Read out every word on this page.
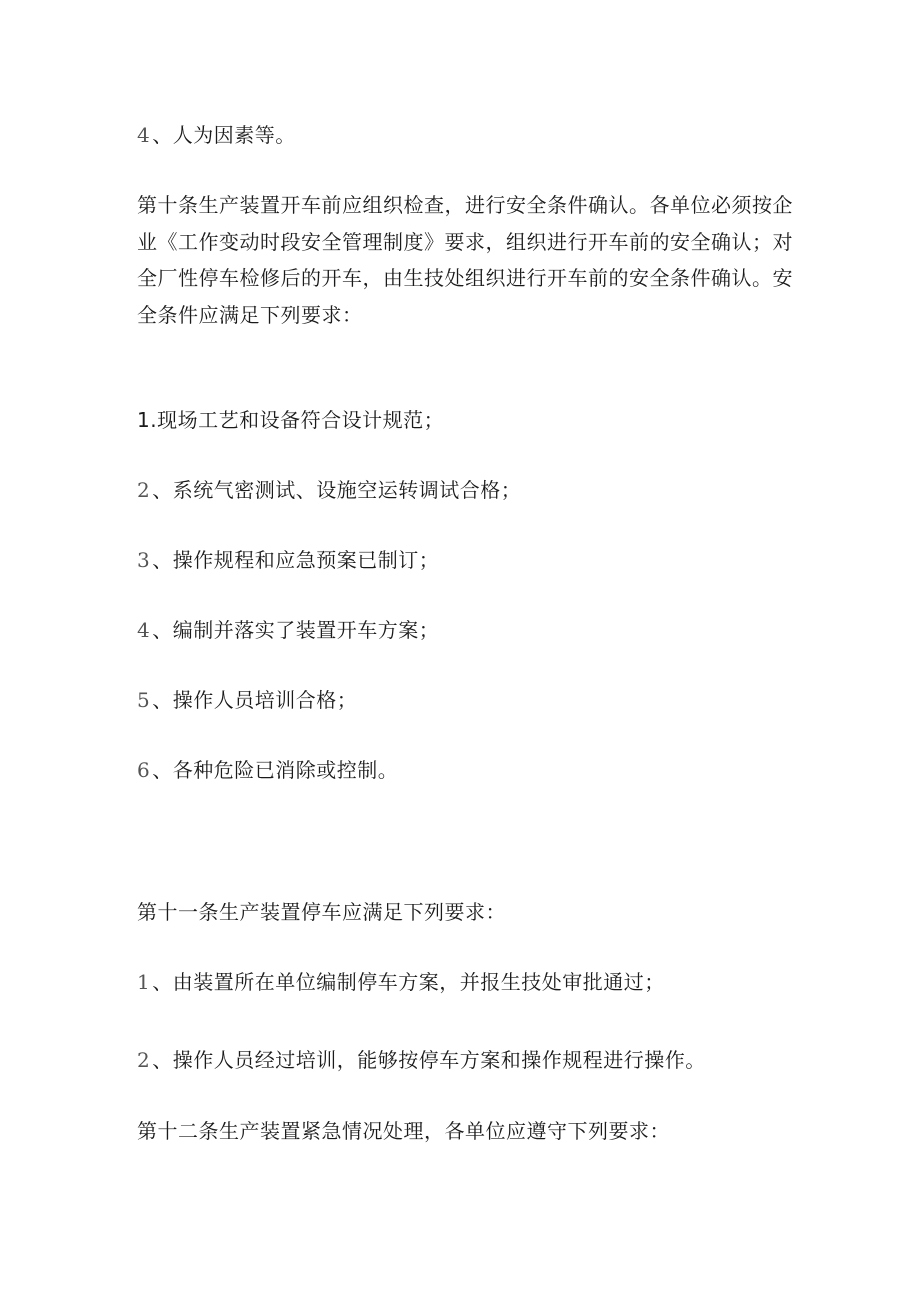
4 、人为因素等。
第十条生产装置开车前应组织检查，进行安全条件确认。各单位必须按企
业《工作变动时段安全管理制度》要求，组织进行开车前的安全确认；对
全厂性停车检修后的开车，由生技处组织进行开车前的安全条件确认。安
全条件应满足下列要求：
1.现场工艺和设备符合设计规范；
2 、系统气密测试、设施空运转调试合格；
3 、操作规程和应急预案已制订；
4 、编制并落实了装置开车方案；
5 、操作人员培训合格；
6 、各种危险已消除或控制。
第十一条生产装置停车应满足下列要求：
1 、由装置所在单位编制停车方案，并报生技处审批通过；
2 、操作人员经过培训，能够按停车方案和操作规程进行操作。
第十二条生产装置紧急情况处理，各单位应遵守下列要求：
